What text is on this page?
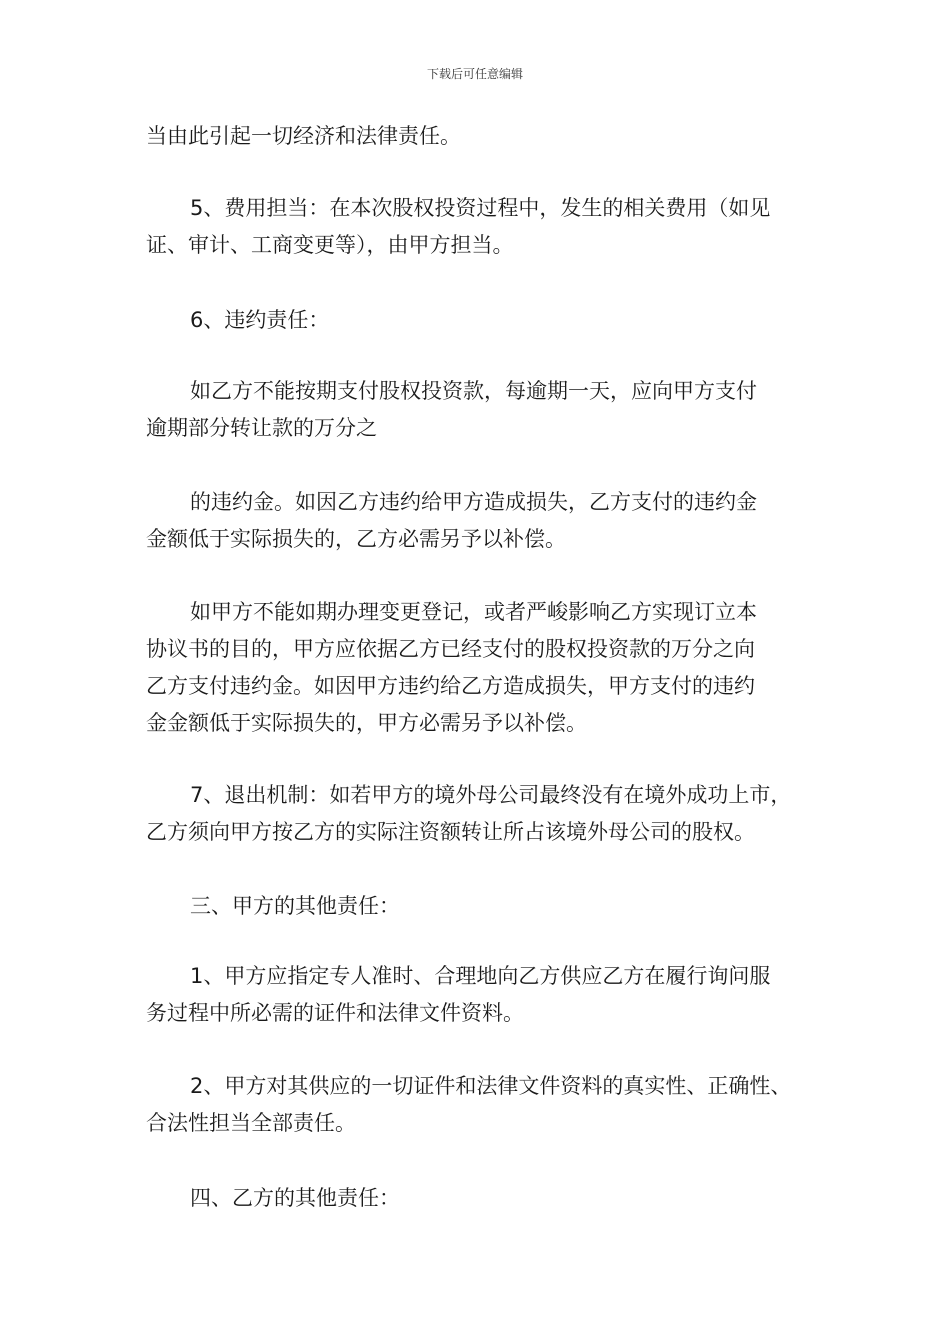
下载后可任意编辑
当由此引起一切经济和法律责任。
5、费用担当：在本次股权投资过程中，发生的相关费用（如见
证、审计、工商变更等），由甲方担当。
6、违约责任：
如乙方不能按期支付股权投资款，每逾期一天，应向甲方支付
逾期部分转让款的万分之
的违约金。如因乙方违约给甲方造成损失，乙方支付的违约金
金额低于实际损失的，乙方必需另予以补偿。
如甲方不能如期办理变更登记，或者严峻影响乙方实现订立本
协议书的目的，甲方应依据乙方已经支付的股权投资款的万分之向
乙方支付违约金。如因甲方违约给乙方造成损失，甲方支付的违约
金金额低于实际损失的，甲方必需另予以补偿。
7、退出机制：如若甲方的境外母公司最终没有在境外成功上市，
乙方须向甲方按乙方的实际注资额转让所占该境外母公司的股权。
三、甲方的其他责任：
1、甲方应指定专人准时、合理地向乙方供应乙方在履行询问服
务过程中所必需的证件和法律文件资料。
2、甲方对其供应的一切证件和法律文件资料的真实性、正确性、
合法性担当全部责任。
四、乙方的其他责任：
